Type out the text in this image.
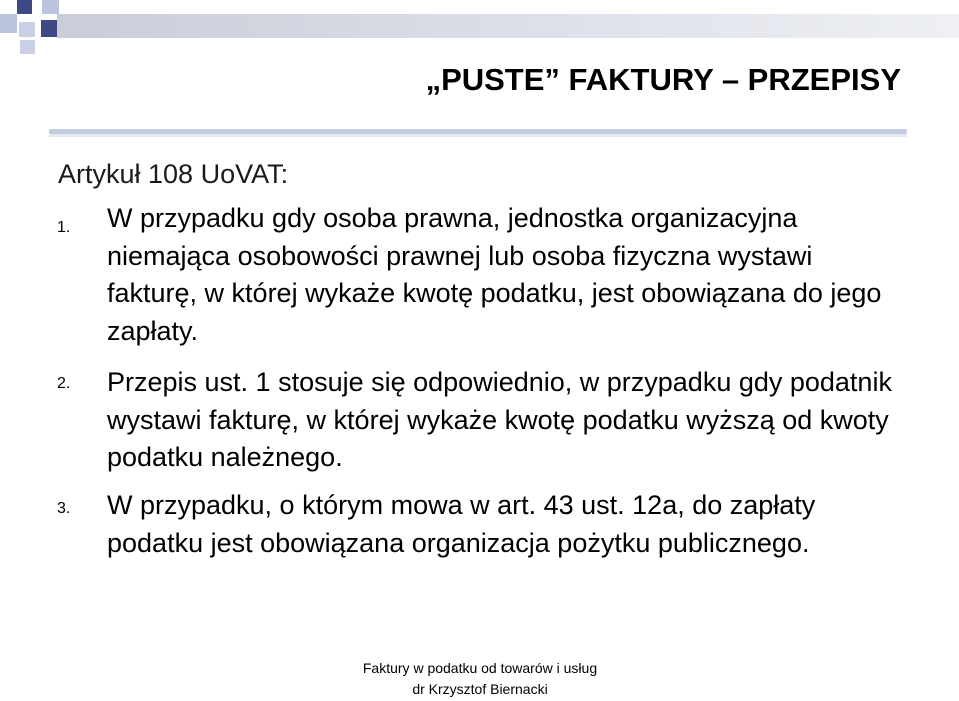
„PUSTE” FAKTURY – PRZEPISY

Artykuł 108 UoVAT:

1. W przypadku gdy osoba prawna, jednostka organizacyjna niemająca osobowości prawnej lub osoba fizyczna wystawi fakturę, w której wykaże kwotę podatku, jest obowiązana do jego zapłaty.
2. Przepis ust. 1 stosuje się odpowiednio, w przypadku gdy podatnik wystawi fakturę, w której wykaże kwotę podatku wyższą od kwoty podatku należnego.
3. W przypadku, o którym mowa w art. 43 ust. 12a, do zapłaty podatku jest obowiązana organizacja pożytku publicznego.
Faktury w podatku od towarów i usług
dr Krzysztof Biernacki
